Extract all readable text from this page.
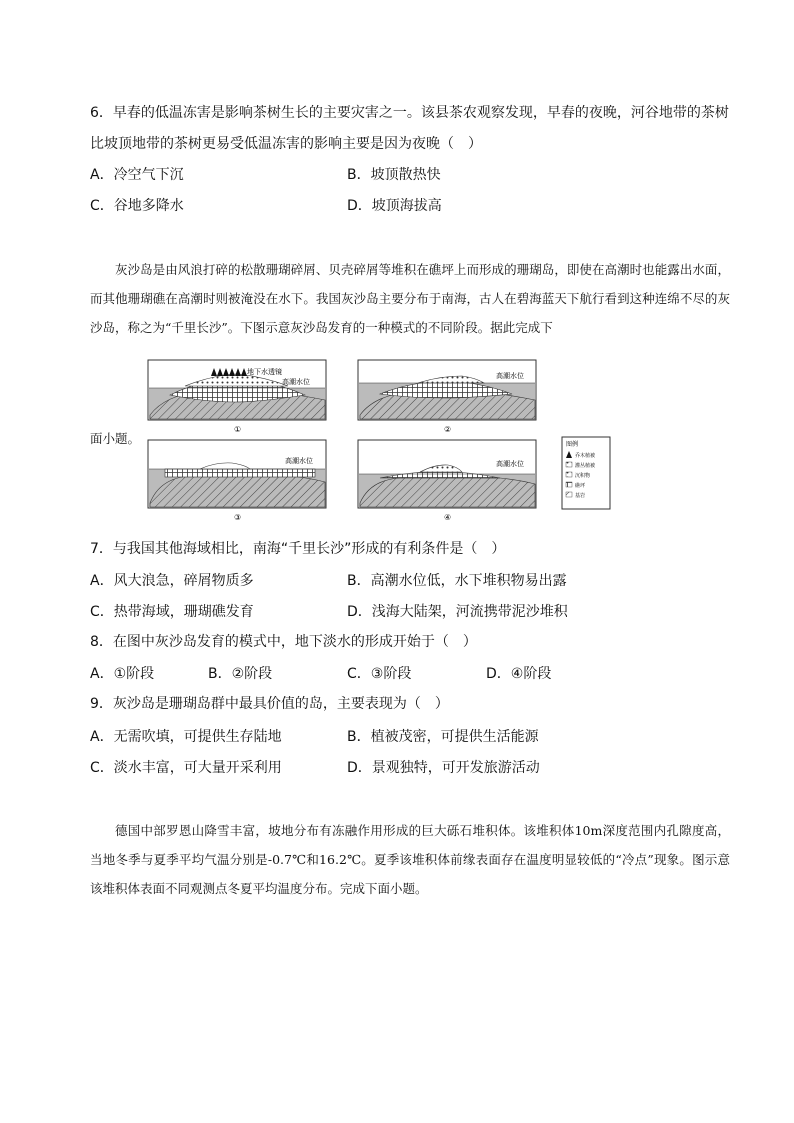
6．早春的低温冻害是影响茶树生长的主要灾害之一。该县茶农观察发现，早春的夜晚，河谷地带的茶树比坡顶地带的茶树更易受低温冻害的影响主要是因为夜晚（　）
A．冷空气下沉	B．坡顶散热快
C．谷地多降水	D．坡顶海拔高
灰沙岛是由风浪打碎的松散珊瑚碎屑、贝壳碎屑等堆积在礁坪上而形成的珊瑚岛，即使在高潮时也能露出水面，而其他珊瑚礁在高潮时则被淹没在水下。我国灰沙岛主要分布于南海，古人在碧海蓝天下航行看到这种连绵不尽的灰沙岛，称之为“千里长沙”。下图示意灰沙岛发育的一种模式的不同阶段。据此完成下
面小题。
地下水透镜
高潮水位
①
高潮水位
②
高潮水位
③
高潮水位
④
图例
乔木植被
灌丛植被
沉积物
礁坪
基岩
7．与我国其他海域相比，南海“千里长沙”形成的有利条件是（　）
A．风大浪急，碎屑物质多	B．高潮水位低，水下堆积物易出露
C．热带海域，珊瑚礁发育	D．浅海大陆架，河流携带泥沙堆积
8．在图中灰沙岛发育的模式中，地下淡水的形成开始于（　）
A．①阶段	B．②阶段	C．③阶段	D．④阶段
9．灰沙岛是珊瑚岛群中最具价值的岛，主要表现为（　）
A．无需吹填，可提供生存陆地	B．植被茂密，可提供生活能源
C．淡水丰富，可大量开采利用	D．景观独特，可开发旅游活动
德国中部罗恩山降雪丰富，坡地分布有冻融作用形成的巨大砾石堆积体。该堆积体10m深度范围内孔隙度高，当地冬季与夏季平均气温分别是-0.7℃和16.2℃。夏季该堆积体前缘表面存在温度明显较低的“冷点”现象。图示意该堆积体表面不同观测点冬夏平均温度分布。完成下面小题。
